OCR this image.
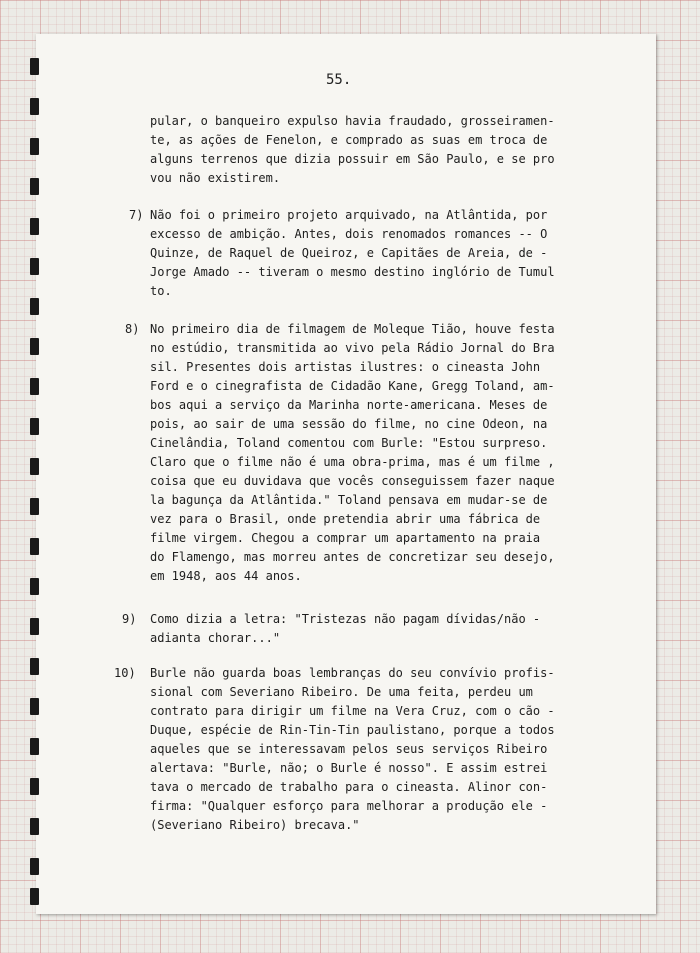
55.
pular, o banqueiro expulso havia fraudado, grosseiramen-
te, as ações de Fenelon, e comprado as suas em troca de
alguns terrenos que dizia possuir em São Paulo, e se pro
vou não existirem.
7) Não foi o primeiro projeto arquivado, na Atlântida, por
excesso de ambição. Antes, dois renomados romances -- O
Quinze, de Raquel de Queiroz, e Capitães de Areia, de -
Jorge Amado -- tiveram o mesmo destino inglório de Tumul
to.
8) No primeiro dia de filmagem de Moleque Tião, houve festa
no estúdio, transmitida ao vivo pela Rádio Jornal do Bra
sil. Presentes dois artistas ilustres: o cineasta John
Ford e o cinegrafista de Cidadão Kane, Gregg Toland, am-
bos aqui a serviço da Marinha norte-americana. Meses de
pois, ao sair de uma sessão do filme, no cine Odeon, na
Cinelândia, Toland comentou com Burle: "Estou surpreso.
Claro que o filme não é uma obra-prima, mas é um filme ,
coisa que eu duvidava que vocês conseguissem fazer naque
la bagunça da Atlântida." Toland pensava em mudar-se de
vez para o Brasil, onde pretendia abrir uma fábrica de
filme virgem. Chegou a comprar um apartamento na praia
do Flamengo, mas morreu antes de concretizar seu desejo,
em 1948, aos 44 anos.
9) Como dizia a letra: "Tristezas não pagam dívidas/não -
adianta chorar..."
10) Burle não guarda boas lembranças do seu convívio profis-
sional com Severiano Ribeiro. De uma feita, perdeu um
contrato para dirigir um filme na Vera Cruz, com o cão -
Duque, espécie de Rin-Tin-Tin paulistano, porque a todos
aqueles que se interessavam pelos seus serviços Ribeiro
alertava: "Burle, não; o Burle é nosso". E assim estrei
tava o mercado de trabalho para o cineasta. Alinor con-
firma: "Qualquer esforço para melhorar a produção ele -
(Severiano Ribeiro) brecava."
